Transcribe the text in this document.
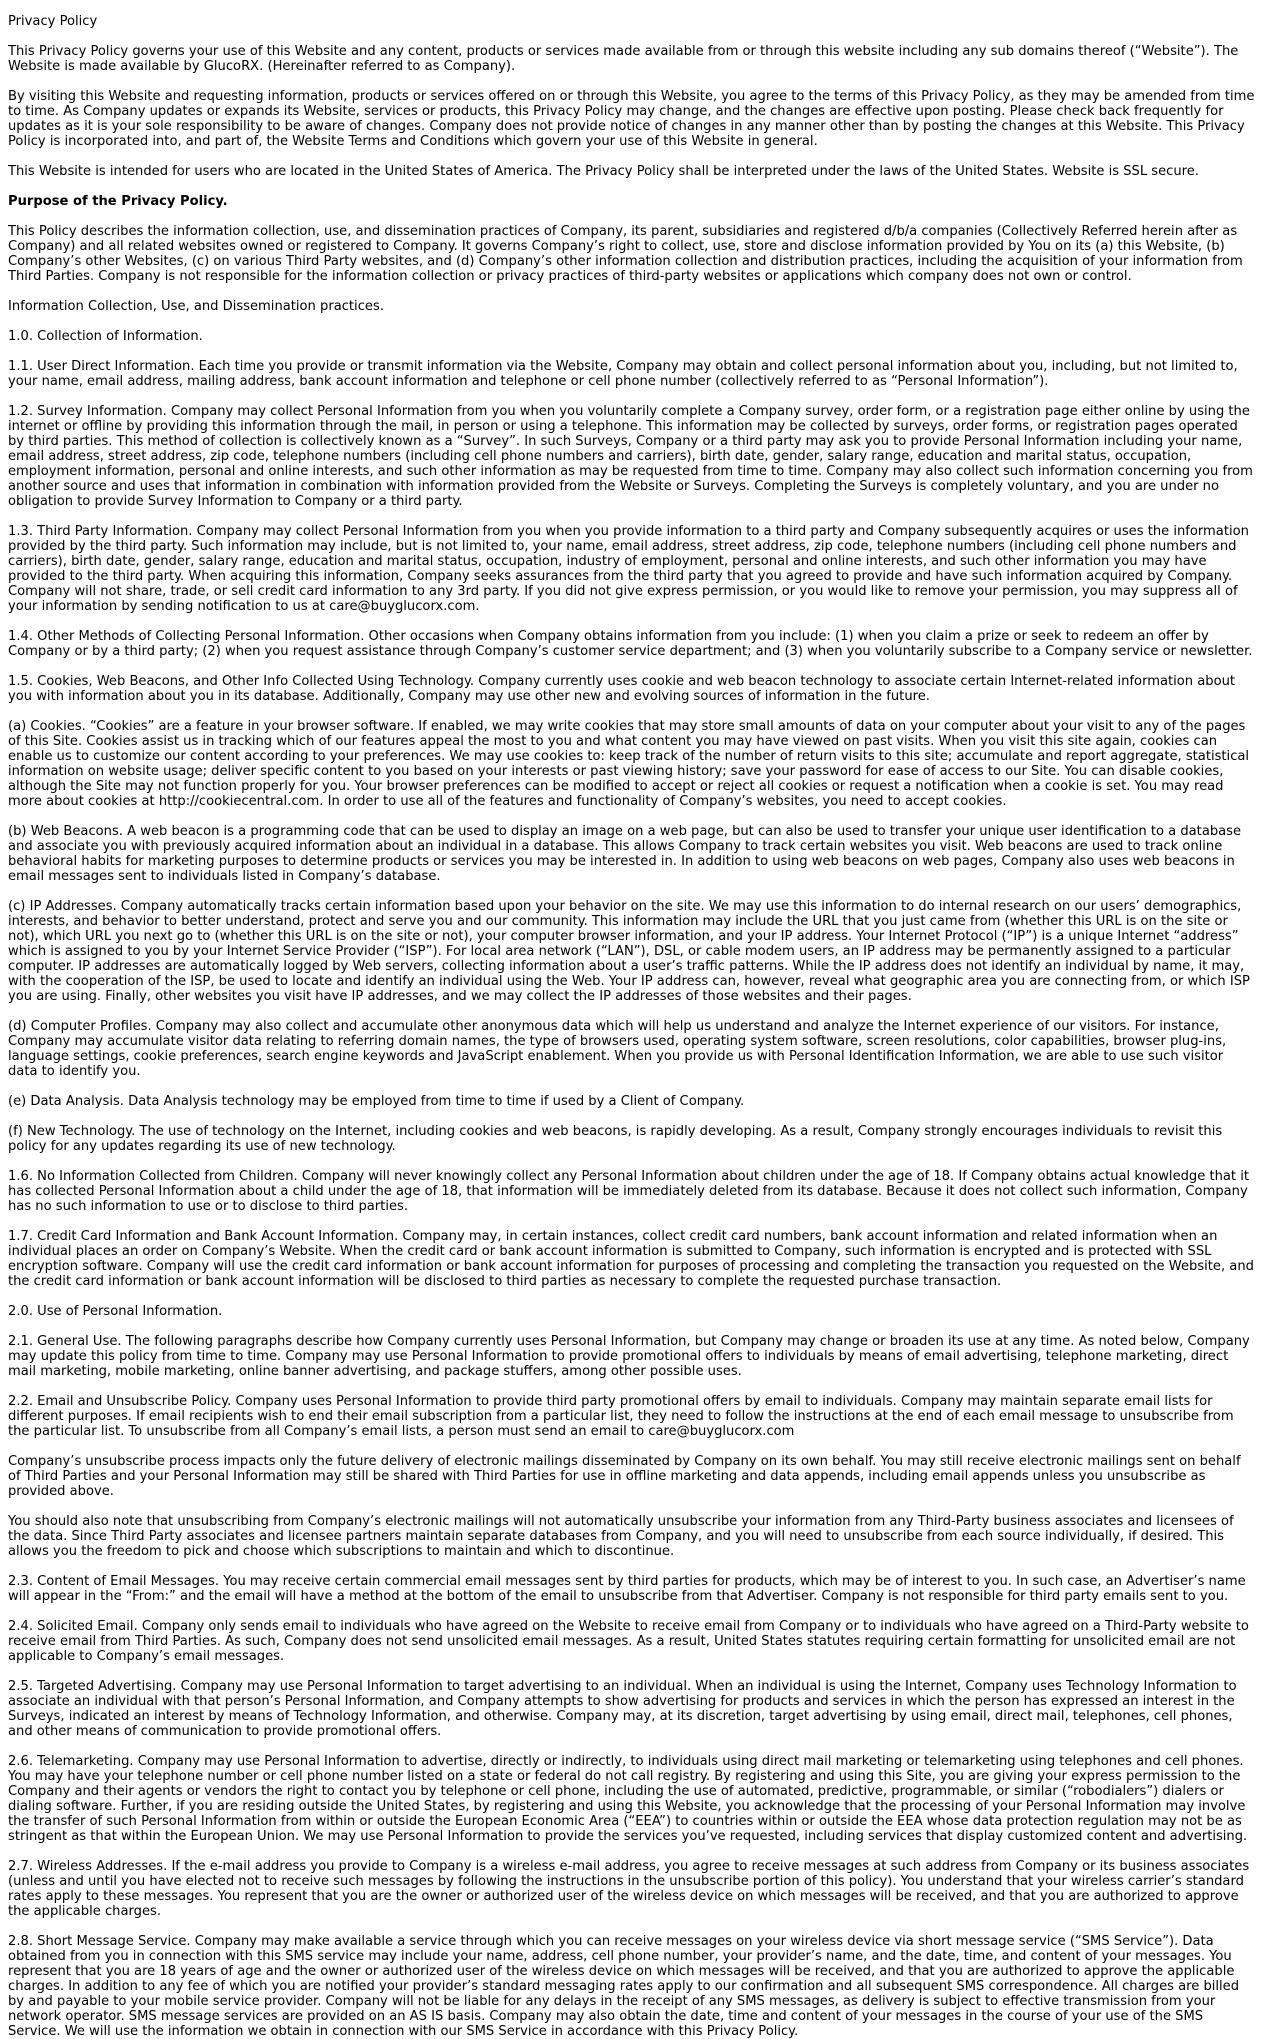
Privacy Policy
This Privacy Policy governs your use of this Website and any content, products or services made available from or through this website including any sub domains thereof (“Website”). The Website is made available by GlucoRX. (Hereinafter referred to as Company).
By visiting this Website and requesting information, products or services offered on or through this Website, you agree to the terms of this Privacy Policy, as they may be amended from time to time. As Company updates or expands its Website, services or products, this Privacy Policy may change, and the changes are effective upon posting. Please check back frequently for updates as it is your sole responsibility to be aware of changes. Company does not provide notice of changes in any manner other than by posting the changes at this Website. This Privacy Policy is incorporated into, and part of, the Website Terms and Conditions which govern your use of this Website in general.
This Website is intended for users who are located in the United States of America. The Privacy Policy shall be interpreted under the laws of the United States. Website is SSL secure.
Purpose of the Privacy Policy.
This Policy describes the information collection, use, and dissemination practices of Company, its parent, subsidiaries and registered d/b/a companies (Collectively Referred herein after as Company) and all related websites owned or registered to Company. It governs Company’s right to collect, use, store and disclose information provided by You on its (a) this Website, (b) Company’s other Websites, (c) on various Third Party websites, and (d) Company’s other information collection and distribution practices, including the acquisition of your information from Third Parties. Company is not responsible for the information collection or privacy practices of third-party websites or applications which company does not own or control.
Information Collection, Use, and Dissemination practices.
1.0. Collection of Information.
1.1. User Direct Information. Each time you provide or transmit information via the Website, Company may obtain and collect personal information about you, including, but not limited to, your name, email address, mailing address, bank account information and telephone or cell phone number (collectively referred to as “Personal Information”).
1.2. Survey Information. Company may collect Personal Information from you when you voluntarily complete a Company survey, order form, or a registration page either online by using the internet or offline by providing this information through the mail, in person or using a telephone. This information may be collected by surveys, order forms, or registration pages operated by third parties. This method of collection is collectively known as a “Survey”. In such Surveys, Company or a third party may ask you to provide Personal Information including your name, email address, street address, zip code, telephone numbers (including cell phone numbers and carriers), birth date, gender, salary range, education and marital status, occupation, employment information, personal and online interests, and such other information as may be requested from time to time. Company may also collect such information concerning you from another source and uses that information in combination with information provided from the Website or Surveys. Completing the Surveys is completely voluntary, and you are under no obligation to provide Survey Information to Company or a third party.
1.3. Third Party Information. Company may collect Personal Information from you when you provide information to a third party and Company subsequently acquires or uses the information provided by the third party. Such information may include, but is not limited to, your name, email address, street address, zip code, telephone numbers (including cell phone numbers and carriers), birth date, gender, salary range, education and marital status, occupation, industry of employment, personal and online interests, and such other information you may have provided to the third party. When acquiring this information, Company seeks assurances from the third party that you agreed to provide and have such information acquired by Company. Company will not share, trade, or sell credit card information to any 3rd party. If you did not give express permission, or you would like to remove your permission, you may suppress all of your information by sending notification to us at care@buyglucorx.com.
1.4. Other Methods of Collecting Personal Information. Other occasions when Company obtains information from you include: (1) when you claim a prize or seek to redeem an offer by Company or by a third party; (2) when you request assistance through Company’s customer service department; and (3) when you voluntarily subscribe to a Company service or newsletter.
1.5. Cookies, Web Beacons, and Other Info Collected Using Technology. Company currently uses cookie and web beacon technology to associate certain Internet-related information about you with information about you in its database. Additionally, Company may use other new and evolving sources of information in the future.
(a) Cookies. “Cookies” are a feature in your browser software. If enabled, we may write cookies that may store small amounts of data on your computer about your visit to any of the pages of this Site. Cookies assist us in tracking which of our features appeal the most to you and what content you may have viewed on past visits. When you visit this site again, cookies can enable us to customize our content according to your preferences. We may use cookies to: keep track of the number of return visits to this site; accumulate and report aggregate, statistical information on website usage; deliver specific content to you based on your interests or past viewing history; save your password for ease of access to our Site. You can disable cookies, although the Site may not function properly for you. Your browser preferences can be modified to accept or reject all cookies or request a notification when a cookie is set. You may read more about cookies at http://cookiecentral.com. In order to use all of the features and functionality of Company’s websites, you need to accept cookies.
(b) Web Beacons. A web beacon is a programming code that can be used to display an image on a web page, but can also be used to transfer your unique user identification to a database and associate you with previously acquired information about an individual in a database. This allows Company to track certain websites you visit. Web beacons are used to track online behavioral habits for marketing purposes to determine products or services you may be interested in. In addition to using web beacons on web pages, Company also uses web beacons in email messages sent to individuals listed in Company’s database.
(c) IP Addresses. Company automatically tracks certain information based upon your behavior on the site. We may use this information to do internal research on our users’ demographics, interests, and behavior to better understand, protect and serve you and our community. This information may include the URL that you just came from (whether this URL is on the site or not), which URL you next go to (whether this URL is on the site or not), your computer browser information, and your IP address. Your Internet Protocol (“IP”) is a unique Internet “address” which is assigned to you by your Internet Service Provider (“ISP”). For local area network (“LAN”), DSL, or cable modem users, an IP address may be permanently assigned to a particular computer. IP addresses are automatically logged by Web servers, collecting information about a user’s traffic patterns. While the IP address does not identify an individual by name, it may, with the cooperation of the ISP, be used to locate and identify an individual using the Web. Your IP address can, however, reveal what geographic area you are connecting from, or which ISP you are using. Finally, other websites you visit have IP addresses, and we may collect the IP addresses of those websites and their pages.
(d) Computer Profiles. Company may also collect and accumulate other anonymous data which will help us understand and analyze the Internet experience of our visitors. For instance, Company may accumulate visitor data relating to referring domain names, the type of browsers used, operating system software, screen resolutions, color capabilities, browser plug-ins, language settings, cookie preferences, search engine keywords and JavaScript enablement. When you provide us with Personal Identification Information, we are able to use such visitor data to identify you.
(e) Data Analysis. Data Analysis technology may be employed from time to time if used by a Client of Company.
(f) New Technology. The use of technology on the Internet, including cookies and web beacons, is rapidly developing. As a result, Company strongly encourages individuals to revisit this policy for any updates regarding its use of new technology.
1.6. No Information Collected from Children. Company will never knowingly collect any Personal Information about children under the age of 18. If Company obtains actual knowledge that it has collected Personal Information about a child under the age of 18, that information will be immediately deleted from its database. Because it does not collect such information, Company has no such information to use or to disclose to third parties.
1.7. Credit Card Information and Bank Account Information. Company may, in certain instances, collect credit card numbers, bank account information and related information when an individual places an order on Company’s Website. When the credit card or bank account information is submitted to Company, such information is encrypted and is protected with SSL encryption software. Company will use the credit card information or bank account information for purposes of processing and completing the transaction you requested on the Website, and the credit card information or bank account information will be disclosed to third parties as necessary to complete the requested purchase transaction.
2.0. Use of Personal Information.
2.1. General Use. The following paragraphs describe how Company currently uses Personal Information, but Company may change or broaden its use at any time. As noted below, Company may update this policy from time to time. Company may use Personal Information to provide promotional offers to individuals by means of email advertising, telephone marketing, direct mail marketing, mobile marketing, online banner advertising, and package stuffers, among other possible uses.
2.2. Email and Unsubscribe Policy. Company uses Personal Information to provide third party promotional offers by email to individuals. Company may maintain separate email lists for different purposes. If email recipients wish to end their email subscription from a particular list, they need to follow the instructions at the end of each email message to unsubscribe from the particular list. To unsubscribe from all Company’s email lists, a person must send an email to care@buyglucorx.com
Company’s unsubscribe process impacts only the future delivery of electronic mailings disseminated by Company on its own behalf. You may still receive electronic mailings sent on behalf of Third Parties and your Personal Information may still be shared with Third Parties for use in offline marketing and data appends, including email appends unless you unsubscribe as provided above.
You should also note that unsubscribing from Company’s electronic mailings will not automatically unsubscribe your information from any Third-Party business associates and licensees of the data. Since Third Party associates and licensee partners maintain separate databases from Company, and you will need to unsubscribe from each source individually, if desired. This allows you the freedom to pick and choose which subscriptions to maintain and which to discontinue.
2.3. Content of Email Messages. You may receive certain commercial email messages sent by third parties for products, which may be of interest to you. In such case, an Advertiser’s name will appear in the “From:” and the email will have a method at the bottom of the email to unsubscribe from that Advertiser. Company is not responsible for third party emails sent to you.
2.4. Solicited Email. Company only sends email to individuals who have agreed on the Website to receive email from Company or to individuals who have agreed on a Third-Party website to receive email from Third Parties. As such, Company does not send unsolicited email messages. As a result, United States statutes requiring certain formatting for unsolicited email are not applicable to Company’s email messages.
2.5. Targeted Advertising. Company may use Personal Information to target advertising to an individual. When an individual is using the Internet, Company uses Technology Information to associate an individual with that person’s Personal Information, and Company attempts to show advertising for products and services in which the person has expressed an interest in the Surveys, indicated an interest by means of Technology Information, and otherwise. Company may, at its discretion, target advertising by using email, direct mail, telephones, cell phones, and other means of communication to provide promotional offers.
2.6. Telemarketing. Company may use Personal Information to advertise, directly or indirectly, to individuals using direct mail marketing or telemarketing using telephones and cell phones. You may have your telephone number or cell phone number listed on a state or federal do not call registry. By registering and using this Site, you are giving your express permission to the Company and their agents or vendors the right to contact you by telephone or cell phone, including the use of automated, predictive, programmable, or similar (“robodialers”) dialers or dialing software. Further, if you are residing outside the United States, by registering and using this Website, you acknowledge that the processing of your Personal Information may involve the transfer of such Personal Information from within or outside the European Economic Area (“EEA”) to countries within or outside the EEA whose data protection regulation may not be as stringent as that within the European Union. We may use Personal Information to provide the services you’ve requested, including services that display customized content and advertising.
2.7. Wireless Addresses. If the e-mail address you provide to Company is a wireless e-mail address, you agree to receive messages at such address from Company or its business associates (unless and until you have elected not to receive such messages by following the instructions in the unsubscribe portion of this policy). You understand that your wireless carrier’s standard rates apply to these messages. You represent that you are the owner or authorized user of the wireless device on which messages will be received, and that you are authorized to approve the applicable charges.
2.8. Short Message Service. Company may make available a service through which you can receive messages on your wireless device via short message service (“SMS Service”). Data obtained from you in connection with this SMS service may include your name, address, cell phone number, your provider’s name, and the date, time, and content of your messages. You represent that you are 18 years of age and the owner or authorized user of the wireless device on which messages will be received, and that you are authorized to approve the applicable charges. In addition to any fee of which you are notified your provider’s standard messaging rates apply to our confirmation and all subsequent SMS correspondence. All charges are billed by and payable to your mobile service provider. Company will not be liable for any delays in the receipt of any SMS messages, as delivery is subject to effective transmission from your network operator. SMS message services are provided on an AS IS basis. Company may also obtain the date, time and content of your messages in the course of your use of the SMS Service. We will use the information we obtain in connection with our SMS Service in accordance with this Privacy Policy.
